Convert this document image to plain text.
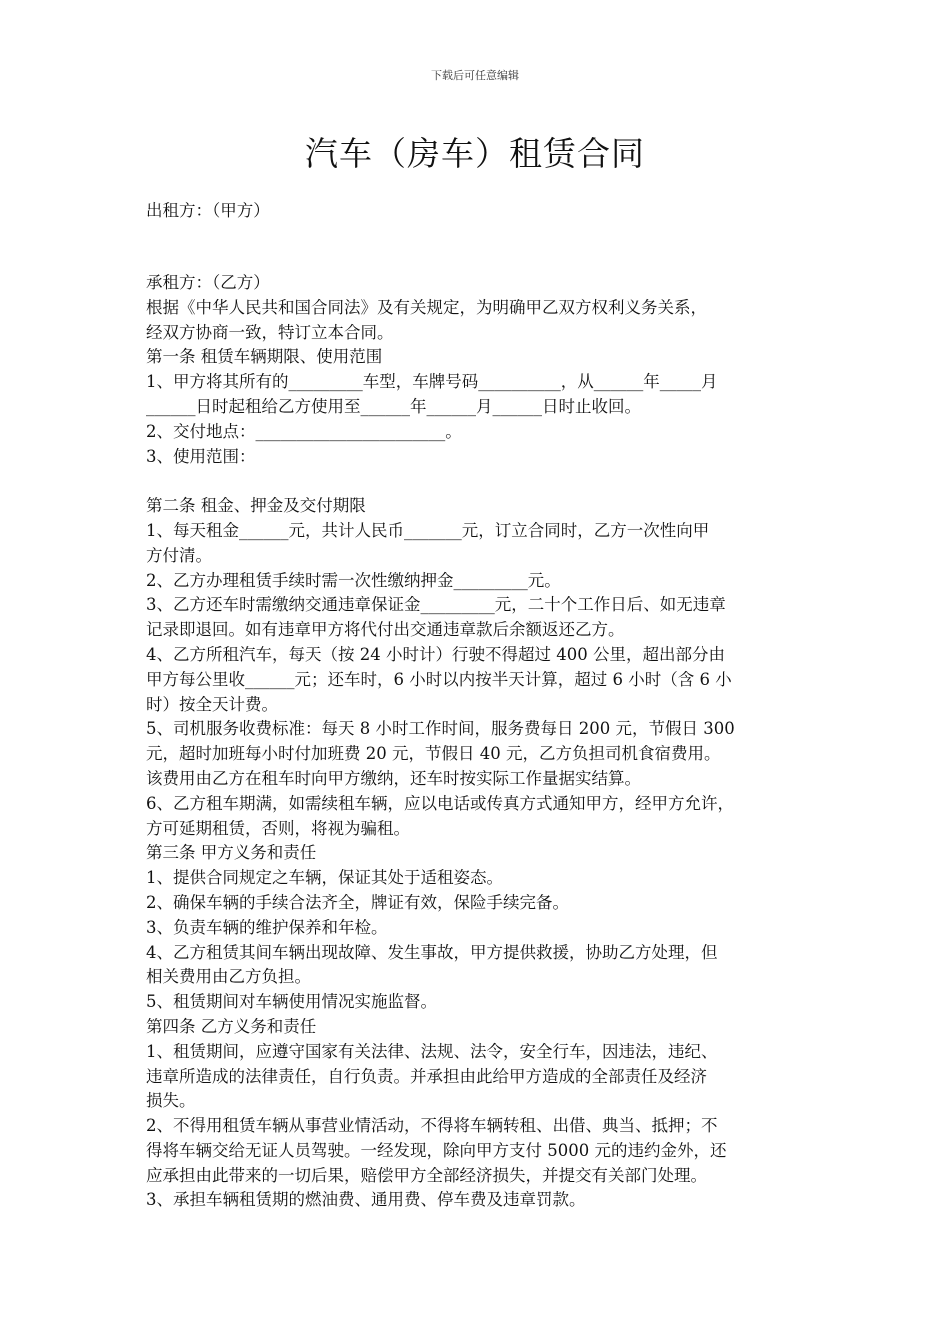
下载后可任意编辑
汽车（房车）租赁合同
出租方：（甲方）
承租方：（乙方）
根据《中华人民共和国合同法》及有关规定，为明确甲乙双方权利义务关系，
经双方协商一致，特订立本合同。
第一条 租赁车辆期限、使用范围
1、甲方将其所有的_________车型，车牌号码__________，从______年_____月
______日时起租给乙方使用至______年______月______日时止收回。
2、交付地点：_______________________。
3、使用范围：
第二条 租金、押金及交付期限
1、每天租金______元，共计人民币_______元，订立合同时，乙方一次性向甲
方付清。
2、乙方办理租赁手续时需一次性缴纳押金_________元。
3、乙方还车时需缴纳交通违章保证金_________元，二十个工作日后、如无违章
记录即退回。如有违章甲方将代付出交通违章款后余额返还乙方。
4、乙方所租汽车，每天（按 24 小时计）行驶不得超过 400 公里，超出部分由
甲方每公里收______元；还车时，6 小时以内按半天计算，超过 6 小时（含 6 小
时）按全天计费。
5、司机服务收费标准：每天 8 小时工作时间，服务费每日 200 元，节假日 300
元，超时加班每小时付加班费 20 元，节假日 40 元，乙方负担司机食宿费用。
该费用由乙方在租车时向甲方缴纳，还车时按实际工作量据实结算。
6、乙方租车期满，如需续租车辆，应以电话或传真方式通知甲方，经甲方允许，
方可延期租赁，否则，将视为骗租。
第三条 甲方义务和责任
1、提供合同规定之车辆，保证其处于适租姿态。
2、确保车辆的手续合法齐全，牌证有效，保险手续完备。
3、负责车辆的维护保养和年检。
4、乙方租赁其间车辆出现故障、发生事故，甲方提供救援，协助乙方处理，但
相关费用由乙方负担。
5、租赁期间对车辆使用情况实施监督。
第四条 乙方义务和责任
1、租赁期间，应遵守国家有关法律、法规、法令，安全行车，因违法，违纪、
违章所造成的法律责任，自行负责。并承担由此给甲方造成的全部责任及经济
损失。
2、不得用租赁车辆从事营业情活动，不得将车辆转租、出借、典当、抵押；不
得将车辆交给无证人员驾驶。一经发现，除向甲方支付 5000 元的违约金外，还
应承担由此带来的一切后果，赔偿甲方全部经济损失，并提交有关部门处理。
3、承担车辆租赁期的燃油费、通用费、停车费及违章罚款。
